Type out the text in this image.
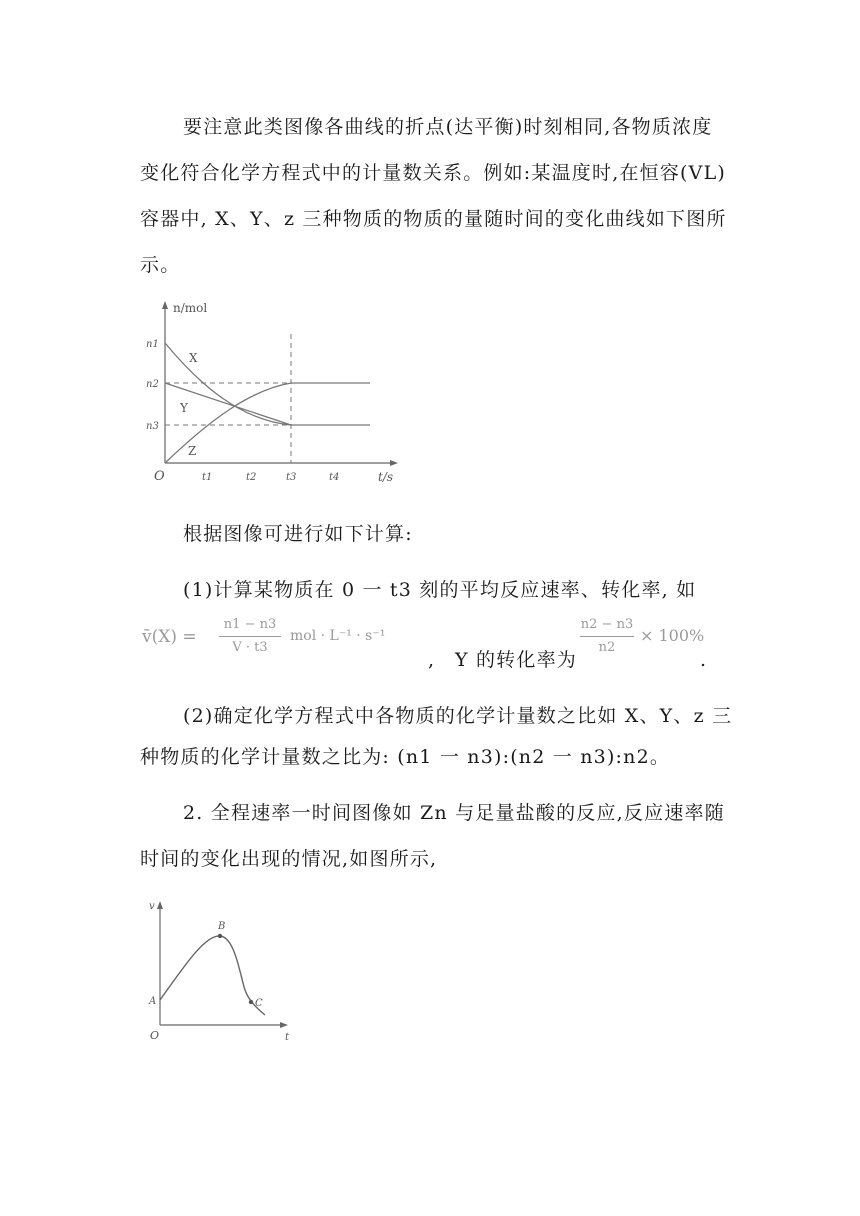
要注意此类图像各曲线的折点(达平衡)时刻相同,各物质浓度
变化符合化学方程式中的计量数关系。例如:某温度时,在恒容(VL)
容器中, X、Y、z 三种物质的物质的量随时间的变化曲线如下图所
示。
n/mol
t/s
O
n1
n2
n3
t1	t2	t3	t4
X
Y
Z
根据图像可进行如下计算:
(1)计算某物质在 0 一 t3 刻的平均反应速率、转化率, 如
v̄(X) =
n1 − n3
V · t3
mol · L⁻¹ · s⁻¹
, Y 的转化率为
n2 − n3
n2
× 100%
.
(2)确定化学方程式中各物质的化学计量数之比如 X、Y、z 三
种物质的化学计量数之比为: (n1 一 n3):(n2 一 n3):n2。
2. 全程速率一时间图像如 Zn 与足量盐酸的反应,反应速率随
时间的变化出现的情况,如图所示,
v
t
O
A
B
C
